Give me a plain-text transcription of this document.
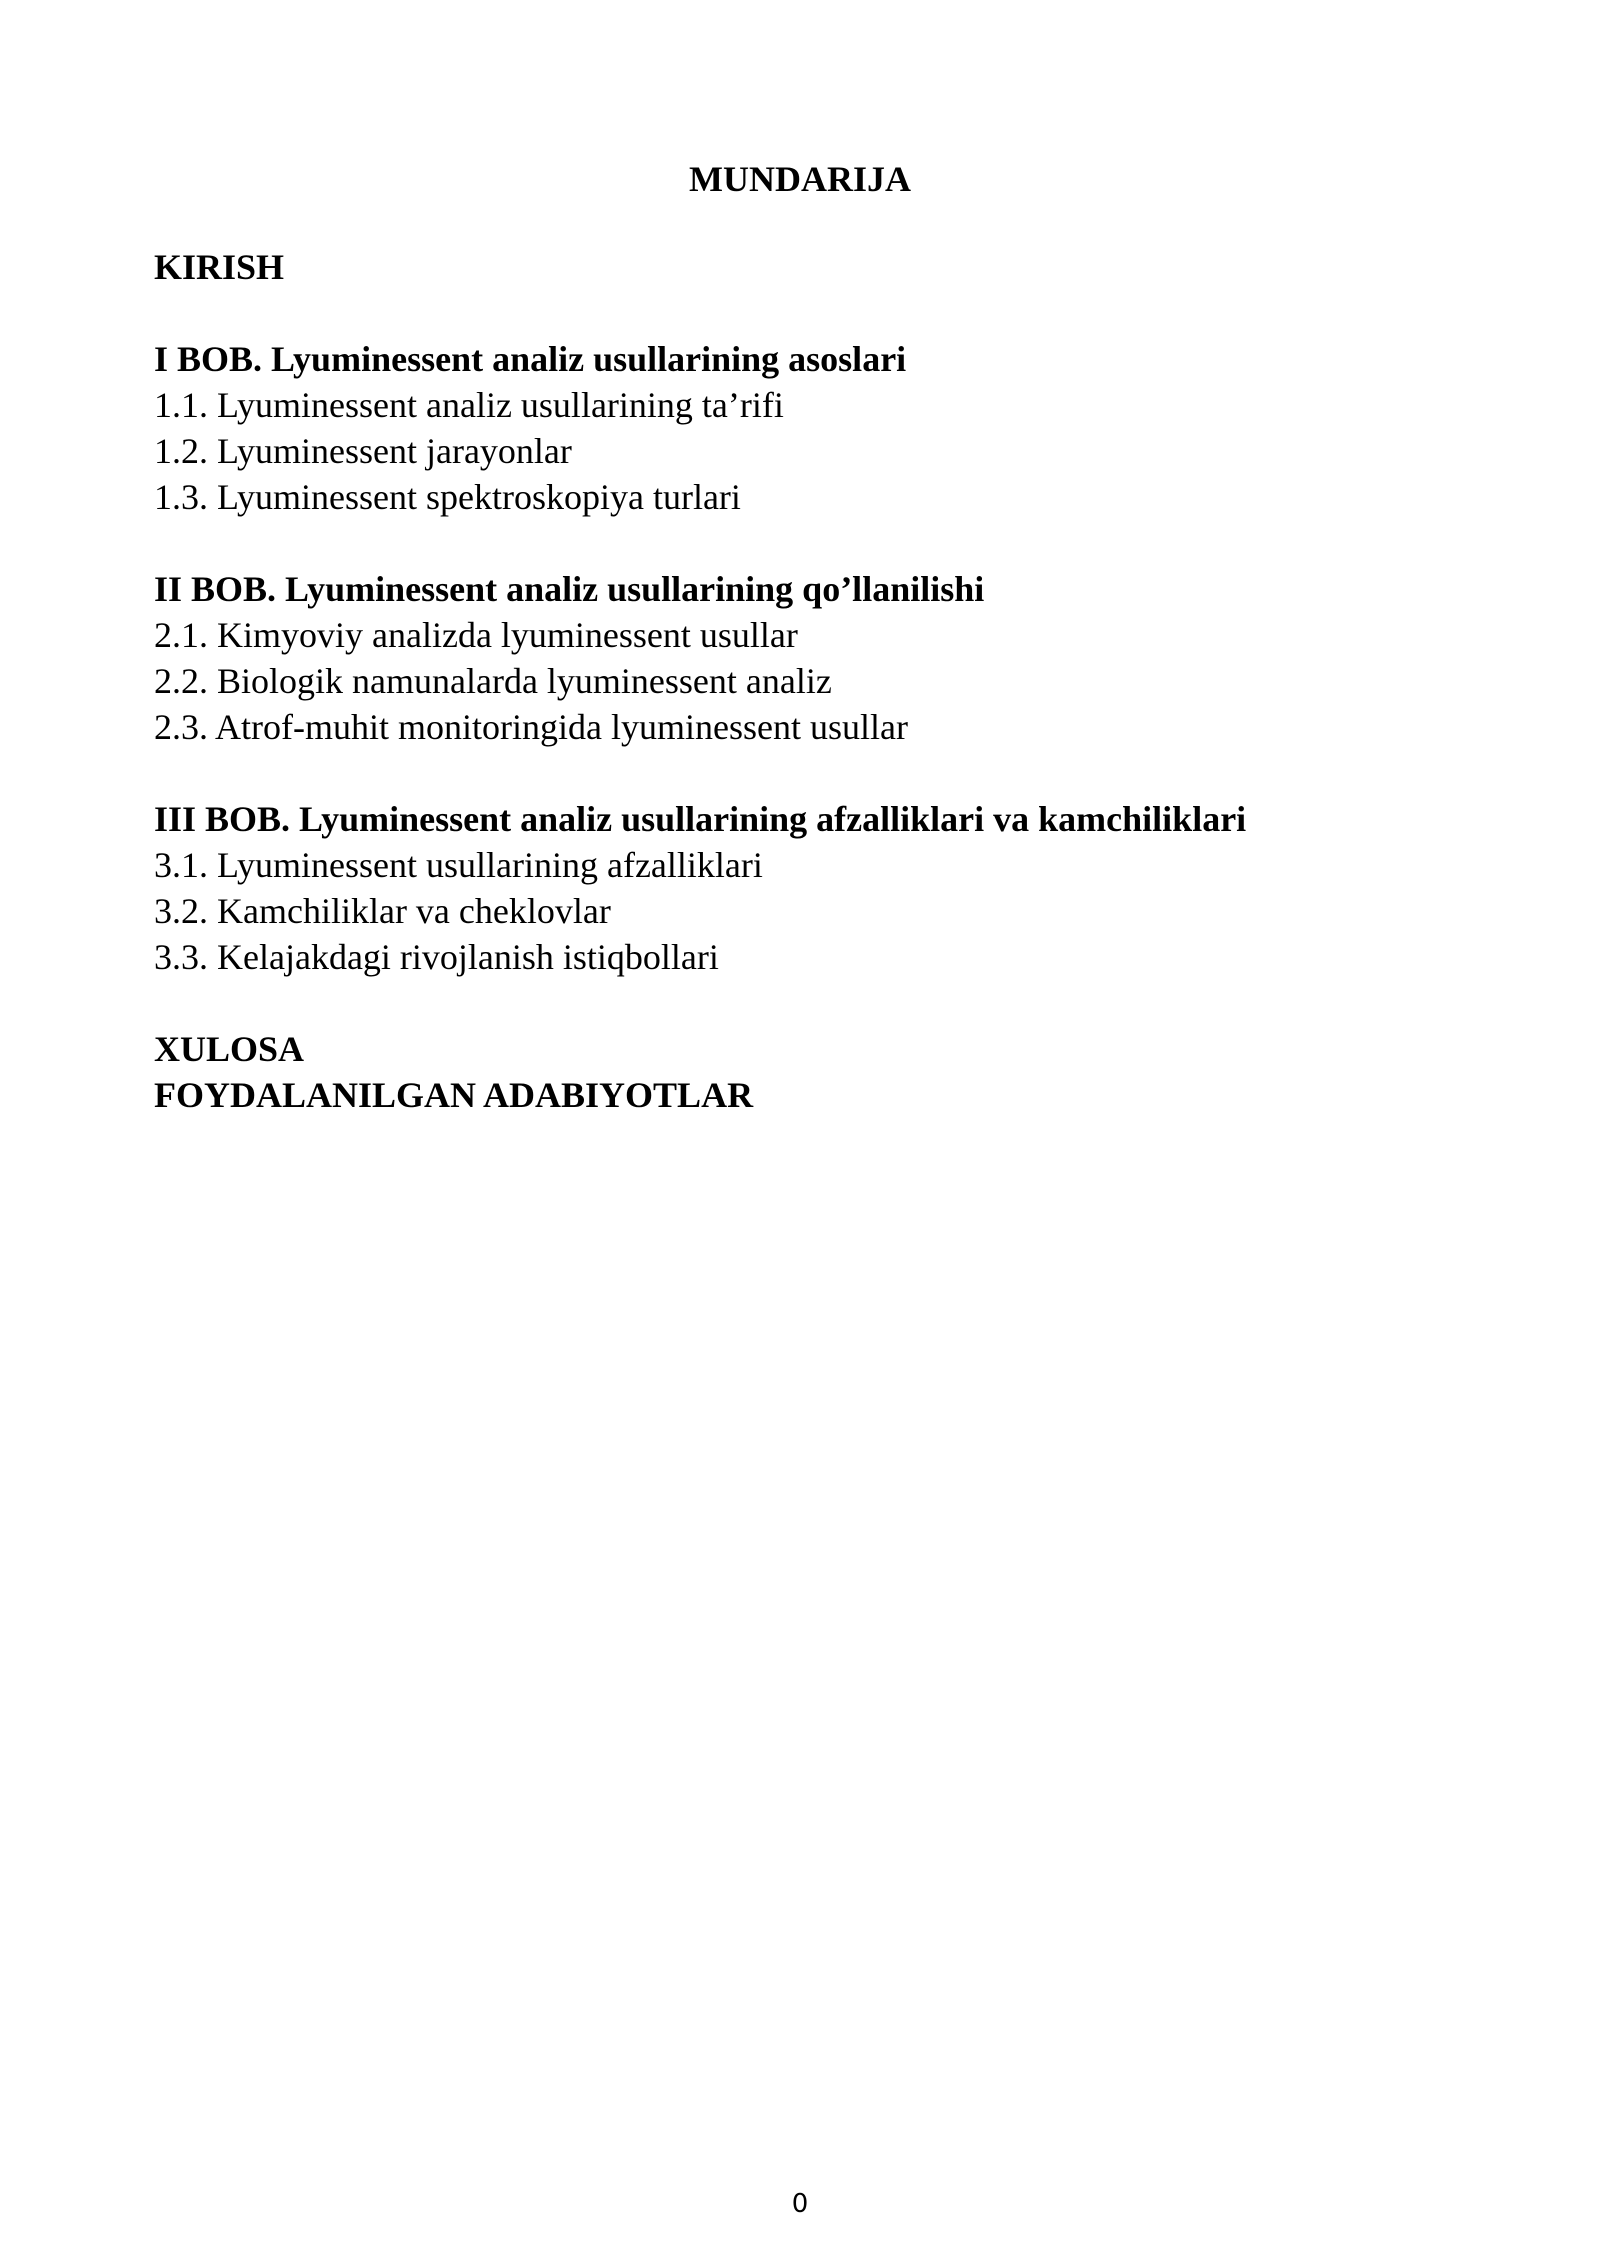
MUNDARIJA
KIRISH
I BOB. Lyuminessent analiz usullarining asoslari
1.1. Lyuminessent analiz usullarining ta’rifi
1.2. Lyuminessent jarayonlar
1.3. Lyuminessent spektroskopiya turlari
II BOB. Lyuminessent analiz usullarining qo’llanilishi
2.1. Kimyoviy analizda lyuminessent usullar
2.2. Biologik namunalarda lyuminessent analiz
2.3. Atrof-muhit monitoringida lyuminessent usullar
III BOB. Lyuminessent analiz usullarining afzalliklari va kamchiliklari
3.1. Lyuminessent usullarining afzalliklari
3.2. Kamchiliklar va cheklovlar
3.3. Kelajakdagi rivojlanish istiqbollari
XULOSA
FOYDALANILGAN ADABIYOTLAR
0
